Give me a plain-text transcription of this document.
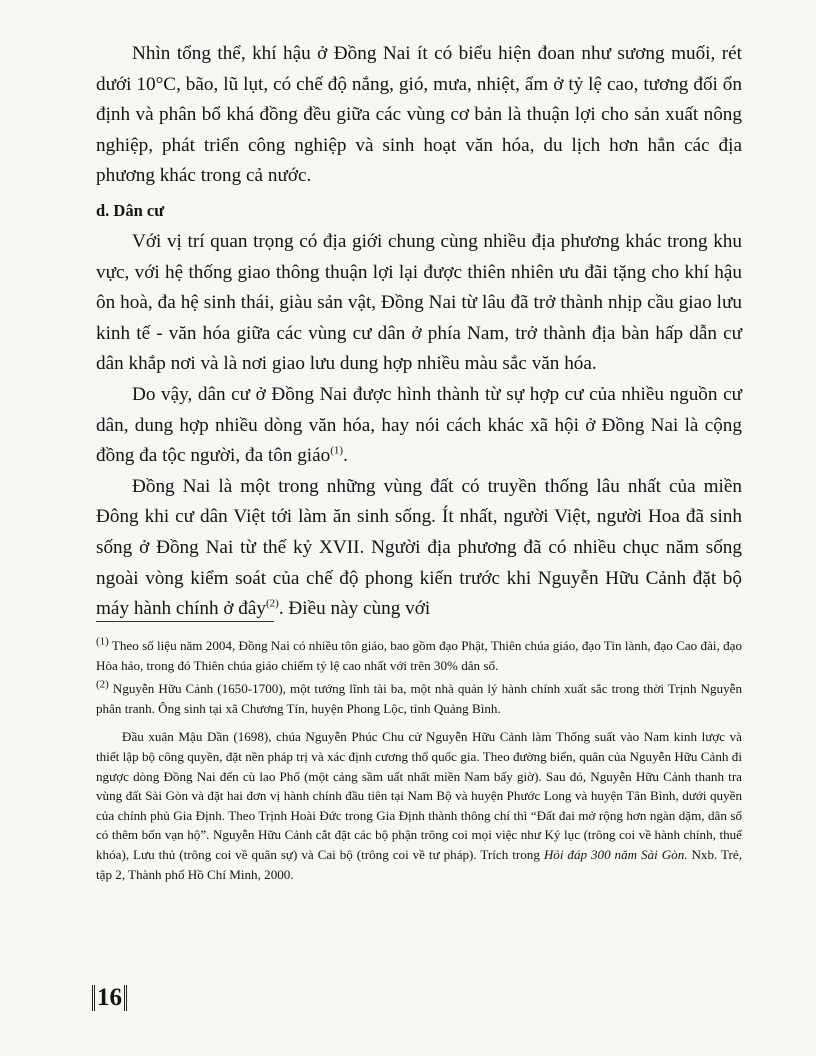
Nhìn tổng thể, khí hậu ở Đồng Nai ít có biểu hiện đoan như sương muối, rét dưới 10°C, bão, lũ lụt, có chế độ nắng, gió, mưa, nhiệt, ẩm ở tỷ lệ cao, tương đối ổn định và phân bổ khá đồng đều giữa các vùng cơ bản là thuận lợi cho sản xuất nông nghiệp, phát triển công nghiệp và sinh hoạt văn hóa, du lịch hơn hẳn các địa phương khác trong cả nước.

d. Dân cư

Với vị trí quan trọng có địa giới chung cùng nhiều địa phương khác trong khu vực, với hệ thống giao thông thuận lợi lại được thiên nhiên ưu đãi tặng cho khí hậu ôn hoà, đa hệ sinh thái, giàu sản vật, Đồng Nai từ lâu đã trở thành nhịp cầu giao lưu kinh tế - văn hóa giữa các vùng cư dân ở phía Nam, trở thành địa bàn hấp dẫn cư dân khắp nơi và là nơi giao lưu dung hợp nhiều màu sắc văn hóa.

Do vậy, dân cư ở Đồng Nai được hình thành từ sự hợp cư của nhiều nguồn cư dân, dung hợp nhiều dòng văn hóa, hay nói cách khác xã hội ở Đồng Nai là cộng đồng đa tộc người, đa tôn giáo$^{(1)}$.

Đồng Nai là một trong những vùng đất có truyền thống lâu nhất của miền Đông khi cư dân Việt tới làm ăn sinh sống. Ít nhất, người Việt, người Hoa đã sinh sống ở Đồng Nai từ thế kỷ XVII. Người địa phương đã có nhiều chục năm sống ngoài vòng kiểm soát của chế độ phong kiến trước khi Nguyễn Hữu Cảnh đặt bộ máy hành chính ở đây$^{(2)}$. Điều này cùng với

$^{(1)}$ Theo số liệu năm 2004, Đồng Nai có nhiều tôn giáo, bao gồm đạo Phật, Thiên chúa giáo, đạo Tin lành, đạo Cao đài, đạo Hòa hảo, trong đó Thiên chúa giáo chiếm tỷ lệ cao nhất với trên 30% dân số.

$^{(2)}$ Nguyễn Hữu Cảnh (1650-1700), một tướng lĩnh tài ba, một nhà quản lý hành chính xuất sắc trong thời Trịnh Nguyễn phân tranh. Ông sinh tại xã Chương Tín, huyện Phong Lộc, tỉnh Quảng Bình.

Đầu xuân Mậu Dần (1698), chúa Nguyễn Phúc Chu cử Nguyễn Hữu Cảnh làm Thống suất vào Nam kinh lược và thiết lập bộ công quyền, đặt nền pháp trị và xác định cương thổ quốc gia. Theo đường biển, quân của Nguyễn Hữu Cảnh đi ngược dòng Đồng Nai đến cù lao Phố (một cảng sầm uất nhất miền Nam bấy giờ). Sau đó, Nguyễn Hữu Cảnh thanh tra vùng đất Sài Gòn và đặt hai đơn vị hành chính đầu tiên tại Nam Bộ và huyện Phước Long và huyện Tân Bình, dưới quyền của chính phủ Gia Định. Theo Trịnh Hoài Đức trong Gia Định thành thông chí thì “Đất đai mở rộng hơn ngàn dặm, dân số có thêm bốn vạn hộ”. Nguyễn Hữu Cảnh cắt đặt các bộ phận trông coi mọi việc như Ký lục (trông coi về hành chính, thuế khóa), Lưu thủ (trông coi về quân sự) và Cai bộ (trông coi về tư pháp). Trích trong Hỏi đáp 300 năm Sài Gòn. Nxb. Trẻ, tập 2, Thành phố Hồ Chí Minh, 2000.

16
